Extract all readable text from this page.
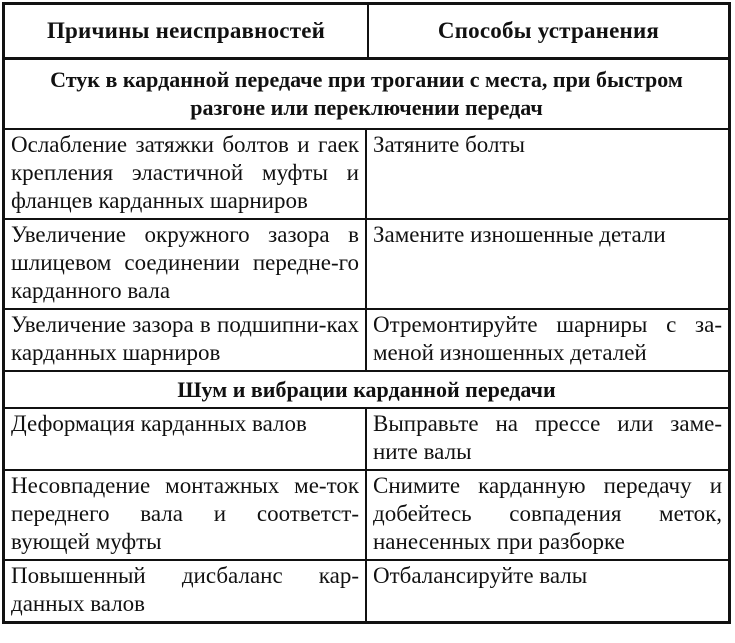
Причины неисправностей	Способы устранения
Стук в карданной передаче при трогании с места, при быстром разгоне или переключении передач
Ослабление затяжки болтов и гаек крепления эластичной муфты и фланцев карданных шарниров
Затяните болты
Увеличение окружного зазора в шлицевом соединении передне-го карданного вала
Замените изношенные детали
Увеличение зазора в подшипни-ках карданных шарниров
Отремонтируйте шарниры с за-меной изношенных деталей
Шум и вибрации карданной передачи
Деформация карданных валов	Выправьте на прессе или заме-ните валы
Несовпадение монтажных ме-ток переднего вала и соответст-вующей муфты
Снимите карданную передачу и добейтесь совпадения меток, нанесенных при разборке
Повышенный дисбаланс кар-данных валов
Отбалансируйте валы
